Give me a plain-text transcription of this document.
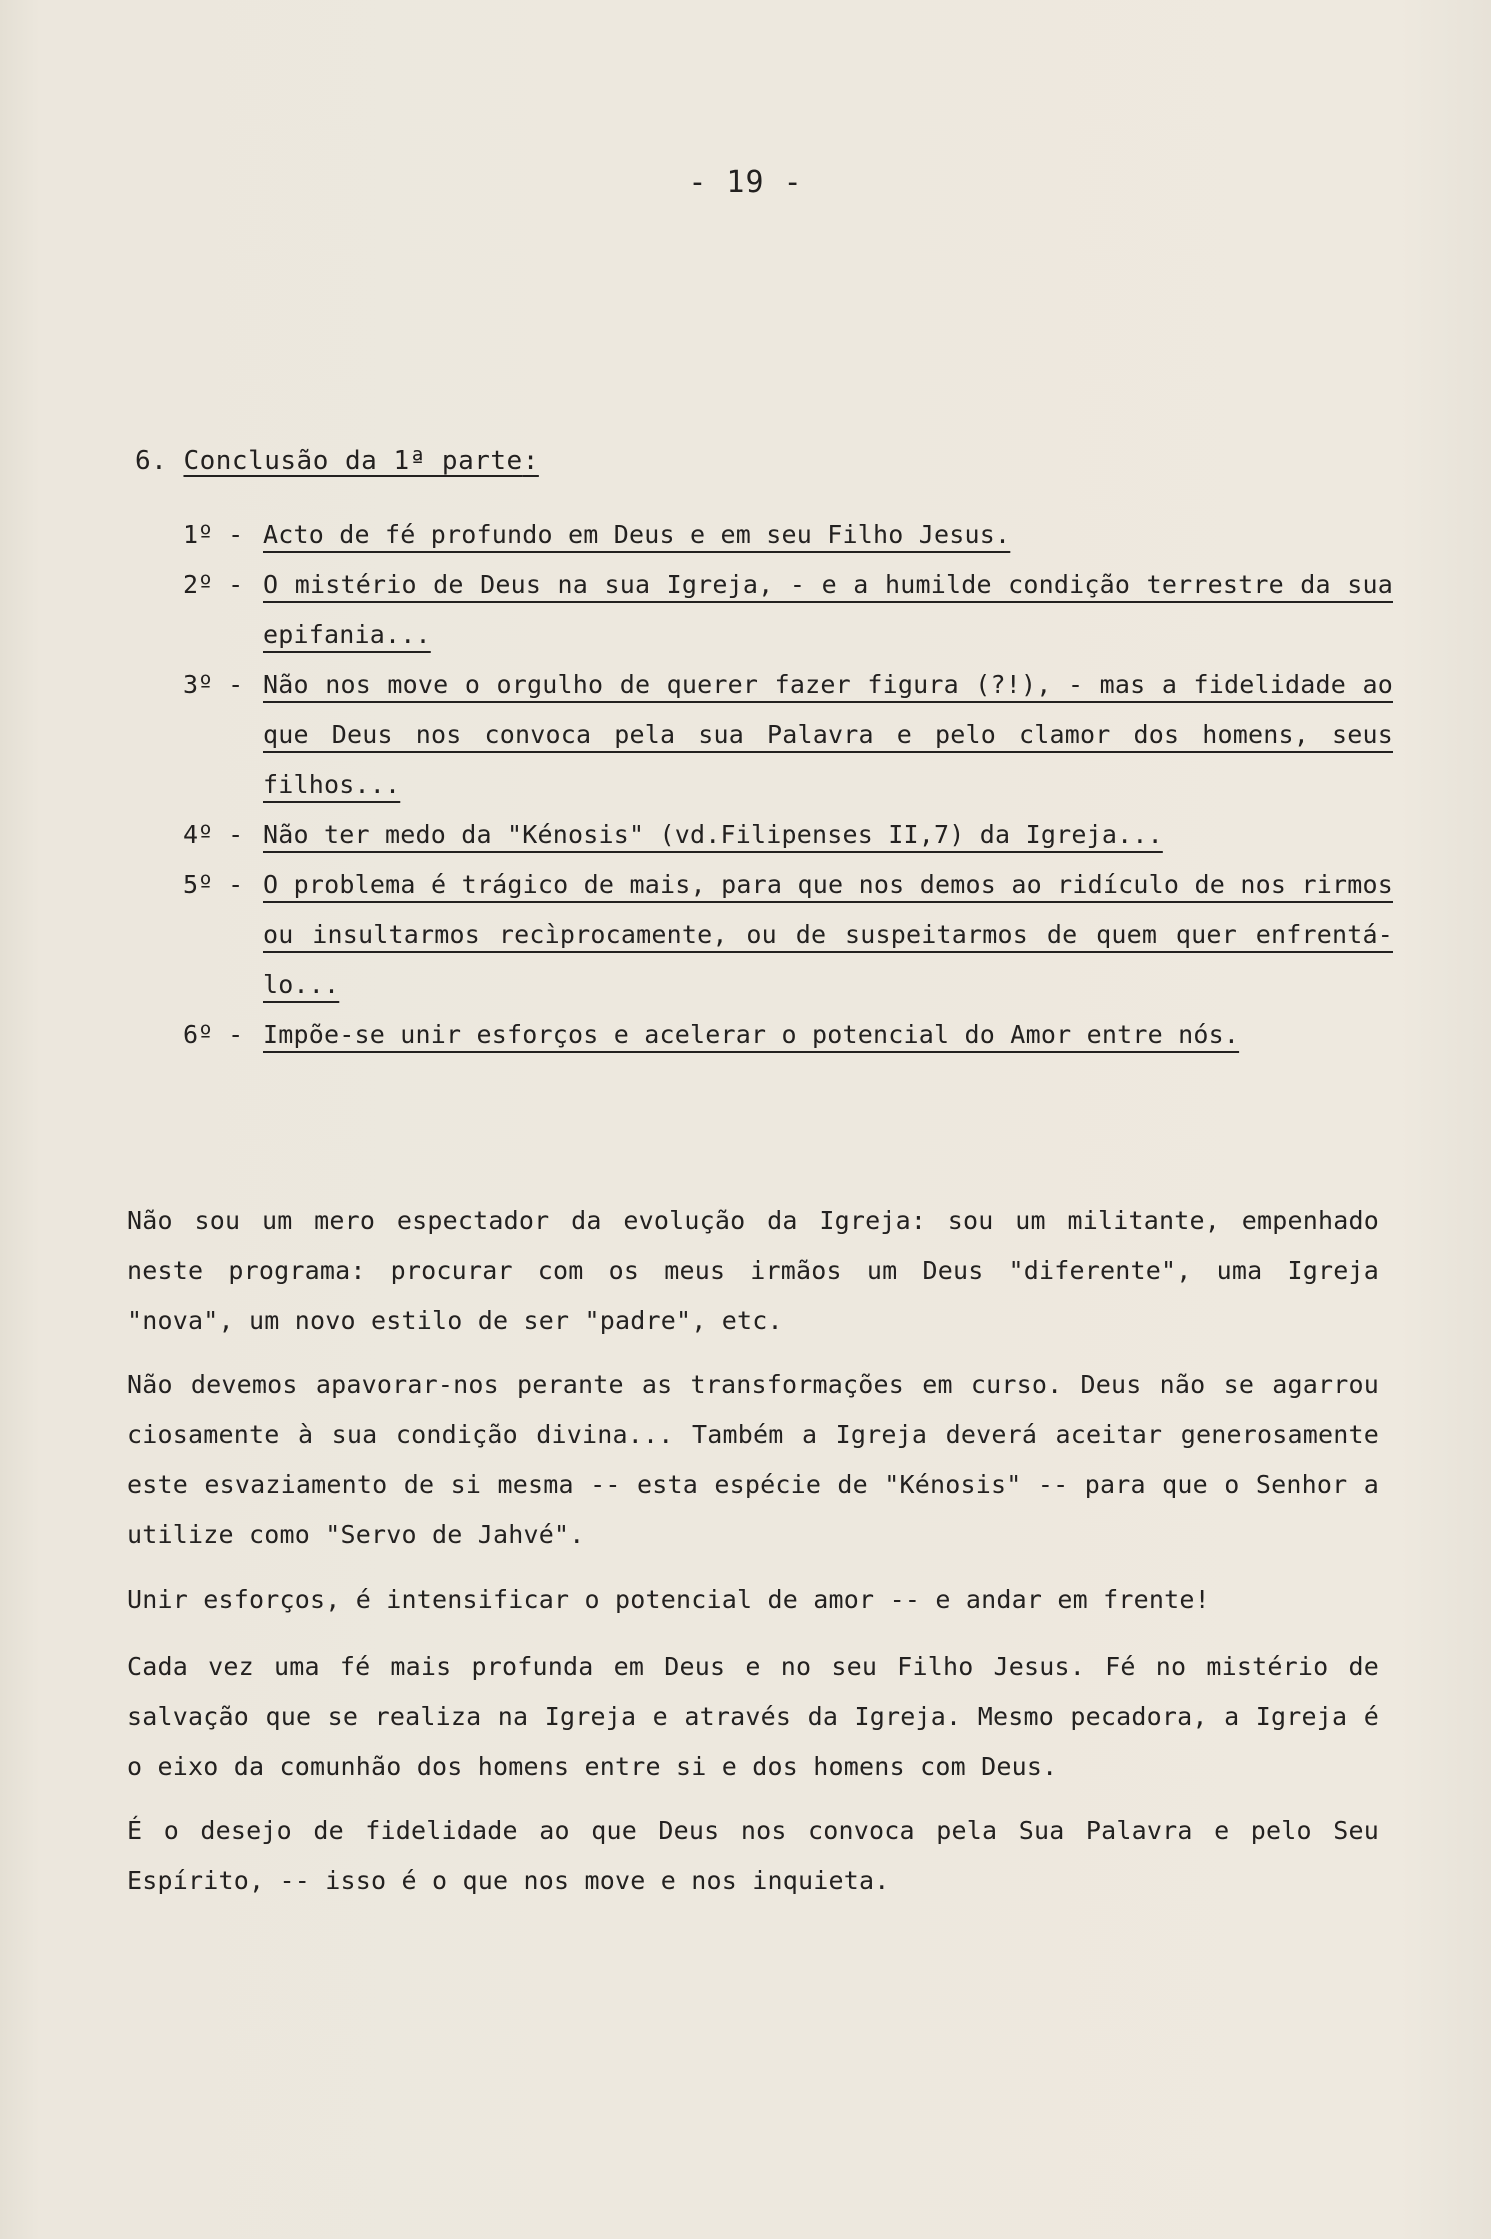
- 19 -
6. Conclusão da 1ª parte:
1º - Acto de fé profundo em Deus e em seu Filho Jesus.
2º - O mistério de Deus na sua Igreja, - e a humilde condição terrestre da sua epifania...
3º - Não nos move o orgulho de querer fazer figura (?!), - mas a fidelidade ao que Deus nos convoca pela sua Palavra e pelo clamor dos homens, seus filhos...
4º - Não ter medo da "Kénosis" (vd.Filipenses II,7) da Igreja...
5º - O problema é trágico de mais, para que nos demos ao ridículo de nos rirmos ou insultarmos recìprocamente, ou de suspeitarmos de quem quer enfrentá-lo...
6º - Impõe-se unir esforços e acelerar o potencial do Amor entre nós.
Não sou um mero espectador da evolução da Igreja: sou um militante, empenhado neste programa: procurar com os meus irmãos um Deus "diferente", uma Igreja "nova", um novo estilo de ser "padre", etc.
Não devemos apavorar-nos perante as transformações em curso. Deus não se agarrou ciosamente à sua condição divina... Também a Igreja deverá aceitar generosamente este esvaziamento de si mesma -- esta espécie de "Kénosis" -- para que o Senhor a utilize como "Servo de Jahvé".
Unir esforços, é intensificar o potencial de amor -- e andar em frente!
Cada vez uma fé mais profunda em Deus e no seu Filho Jesus. Fé no mistério de salvação que se realiza na Igreja e através da Igreja. Mesmo pecadora, a Igreja é o eixo da comunhão dos homens entre si e dos homens com Deus.
É o desejo de fidelidade ao que Deus nos convoca pela Sua Palavra e pelo Seu Espírito, -- isso é o que nos move e nos inquieta.
